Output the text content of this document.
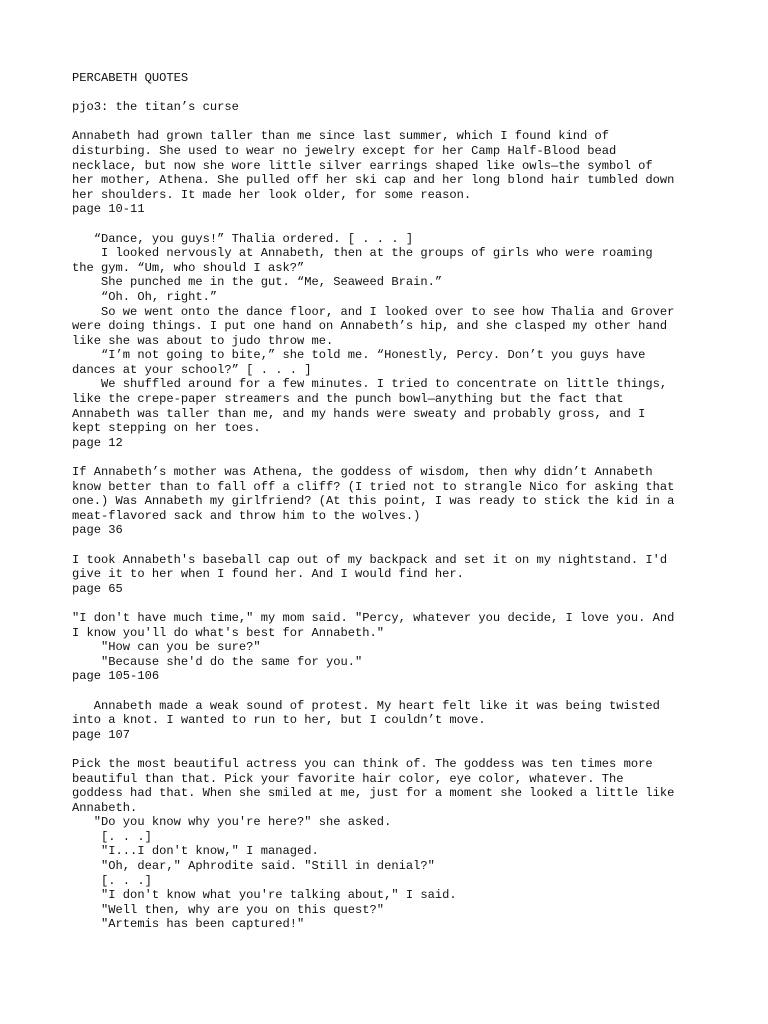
PERCABETH QUOTES
pjo3: the titan’s curse
Annabeth had grown taller than me since last summer, which I found kind of
disturbing. She used to wear no jewelry except for her Camp Half-Blood bead
necklace, but now she wore little silver earrings shaped like owls—the symbol of
her mother, Athena. She pulled off her ski cap and her long blond hair tumbled down
her shoulders. It made her look older, for some reason.
page 10-11
“Dance, you guys!” Thalia ordered. [ . . . ]
I looked nervously at Annabeth, then at the groups of girls who were roaming
the gym. “Um, who should I ask?”
She punched me in the gut. “Me, Seaweed Brain.”
“Oh. Oh, right.”
So we went onto the dance floor, and I looked over to see how Thalia and Grover
were doing things. I put one hand on Annabeth’s hip, and she clasped my other hand
like she was about to judo throw me.
“I’m not going to bite,” she told me. “Honestly, Percy. Don’t you guys have
dances at your school?” [ . . . ]
We shuffled around for a few minutes. I tried to concentrate on little things,
like the crepe-paper streamers and the punch bowl—anything but the fact that
Annabeth was taller than me, and my hands were sweaty and probably gross, and I
kept stepping on her toes.
page 12
If Annabeth’s mother was Athena, the goddess of wisdom, then why didn’t Annabeth
know better than to fall off a cliff? (I tried not to strangle Nico for asking that
one.) Was Annabeth my girlfriend? (At this point, I was ready to stick the kid in a
meat-flavored sack and throw him to the wolves.)
page 36
I took Annabeth's baseball cap out of my backpack and set it on my nightstand. I'd
give it to her when I found her. And I would find her.
page 65
"I don't have much time," my mom said. "Percy, whatever you decide, I love you. And
I know you'll do what's best for Annabeth."
"How can you be sure?"
"Because she'd do the same for you."
page 105-106
Annabeth made a weak sound of protest. My heart felt like it was being twisted
into a knot. I wanted to run to her, but I couldn’t move.
page 107
Pick the most beautiful actress you can think of. The goddess was ten times more
beautiful than that. Pick your favorite hair color, eye color, whatever. The
goddess had that. When she smiled at me, just for a moment she looked a little like
Annabeth.
"Do you know why you're here?" she asked.
[. . .]
"I...I don't know," I managed.
"Oh, dear," Aphrodite said. "Still in denial?"
[. . .]
"I don't know what you're talking about," I said.
"Well then, why are you on this quest?"
"Artemis has been captured!"
